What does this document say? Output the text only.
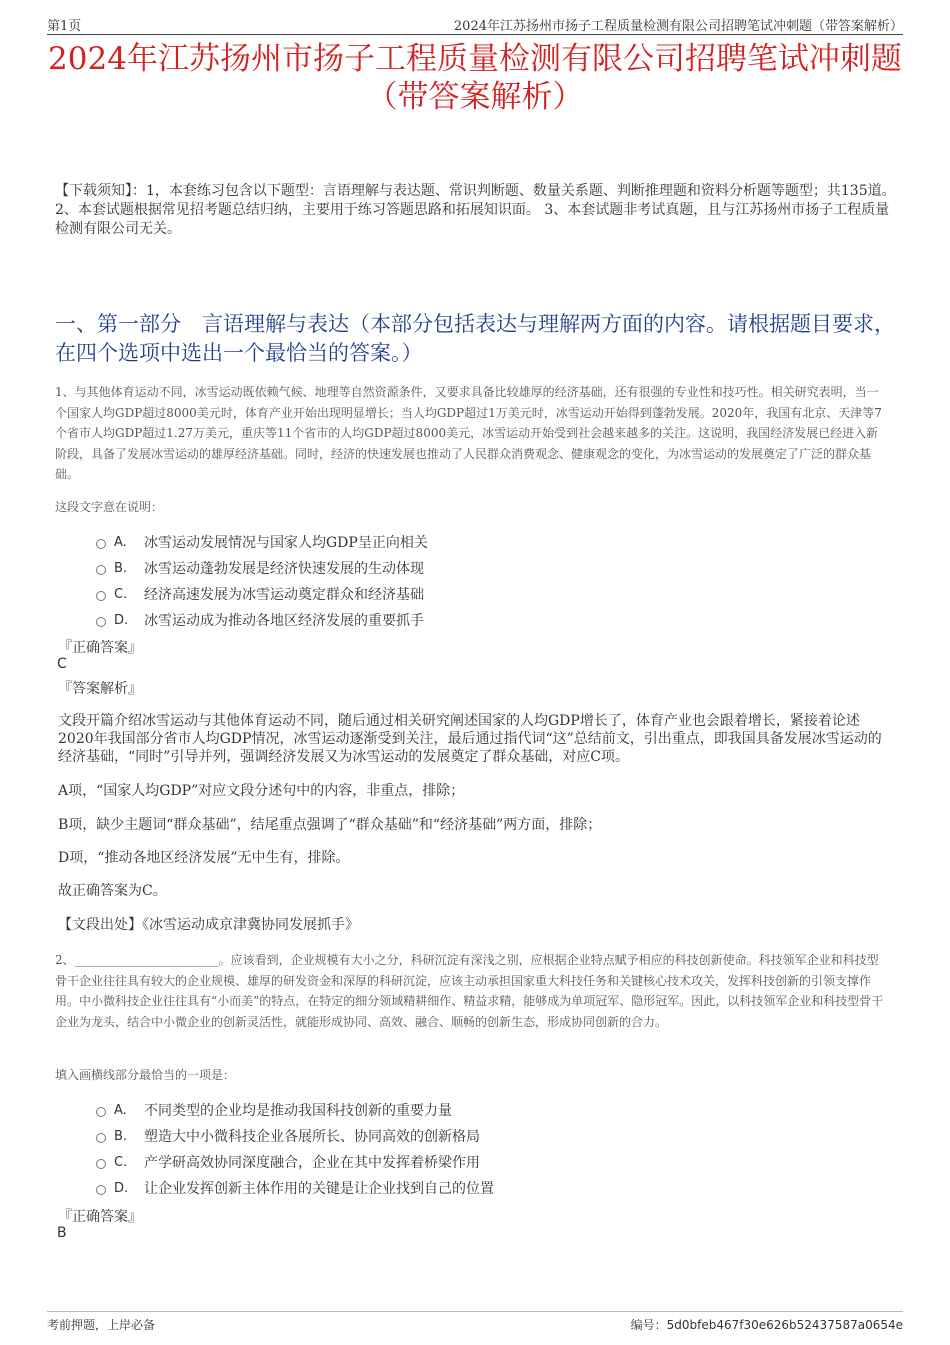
第1页	2024年江苏扬州市扬子工程质量检测有限公司招聘笔试冲刺题（带答案解析）
2024年江苏扬州市扬子工程质量检测有限公司招聘笔试冲刺题
（带答案解析）
【下载须知】：1，本套练习包含以下题型：言语理解与表达题、常识判断题、数量关系题、判断推理题和资料分析题等题型；共135道。 2、本套试题根据常见招考题总结归纳，主要用于练习答题思路和拓展知识面。 3、本套试题非考试真题，且与江苏扬州市扬子工程质量检测有限公司无关。
一、第一部分　言语理解与表达（本部分包括表达与理解两方面的内容。请根据题目要求，在四个选项中选出一个最恰当的答案。）
1、与其他体育运动不同，冰雪运动既依赖气候、地理等自然资源条件，又要求具备比较雄厚的经济基础，还有很强的专业性和技巧性。相关研究表明，当一个国家人均GDP超过8000美元时，体育产业开始出现明显增长；当人均GDP超过1万美元时，冰雪运动开始得到蓬勃发展。2020年，我国有北京、天津等7个省市人均GDP超过1.27万美元，重庆等11个省市的人均GDP超过8000美元，冰雪运动开始受到社会越来越多的关注。这说明，我国经济发展已经进入新阶段，具备了发展冰雪运动的雄厚经济基础。同时，经济的快速发展也推动了人民群众消费观念、健康观念的变化，为冰雪运动的发展奠定了广泛的群众基础。
这段文字意在说明：
A.	冰雪运动发展情况与国家人均GDP呈正向相关
B.	冰雪运动蓬勃发展是经济快速发展的生动体现
C.	经济高速发展为冰雪运动奠定群众和经济基础
D.	冰雪运动成为推动各地区经济发展的重要抓手
『正确答案』
C
『答案解析』
文段开篇介绍冰雪运动与其他体育运动不同，随后通过相关研究阐述国家的人均GDP增长了，体育产业也会跟着增长，紧接着论述2020年我国部分省市人均GDP情况，冰雪运动逐渐受到关注，最后通过指代词“这”总结前文，引出重点，即我国具备发展冰雪运动的经济基础，“同时”引导并列，强调经济发展又为冰雪运动的发展奠定了群众基础，对应C项。
A项，“国家人均GDP”对应文段分述句中的内容，非重点，排除；
B项，缺少主题词“群众基础”，结尾重点强调了“群众基础”和“经济基础”两方面，排除；
D项，“推动各地区经济发展”无中生有，排除。
故正确答案为C。
【文段出处】《冰雪运动成京津冀协同发展抓手》
2、________________________。应该看到，企业规模有大小之分，科研沉淀有深浅之别，应根据企业特点赋予相应的科技创新使命。科技领军企业和科技型骨干企业往往具有较大的企业规模、雄厚的研发资金和深厚的科研沉淀，应该主动承担国家重大科技任务和关键核心技术攻关，发挥科技创新的引领支撑作用。中小微科技企业往往具有“小而美”的特点，在特定的细分领域精耕细作、精益求精，能够成为单项冠军、隐形冠军。因此，以科技领军企业和科技型骨干企业为龙头，结合中小微企业的创新灵活性，就能形成协同、高效、融合、顺畅的创新生态，形成协同创新的合力。
填入画横线部分最恰当的一项是：
A.	不同类型的企业均是推动我国科技创新的重要力量
B.	塑造大中小微科技企业各展所长、协同高效的创新格局
C.	产学研高效协同深度融合，企业在其中发挥着桥梁作用
D.	让企业发挥创新主体作用的关键是让企业找到自己的位置
『正确答案』
B
考前押题，上岸必备	编号：5d0bfeb467f30e626b52437587a0654e
